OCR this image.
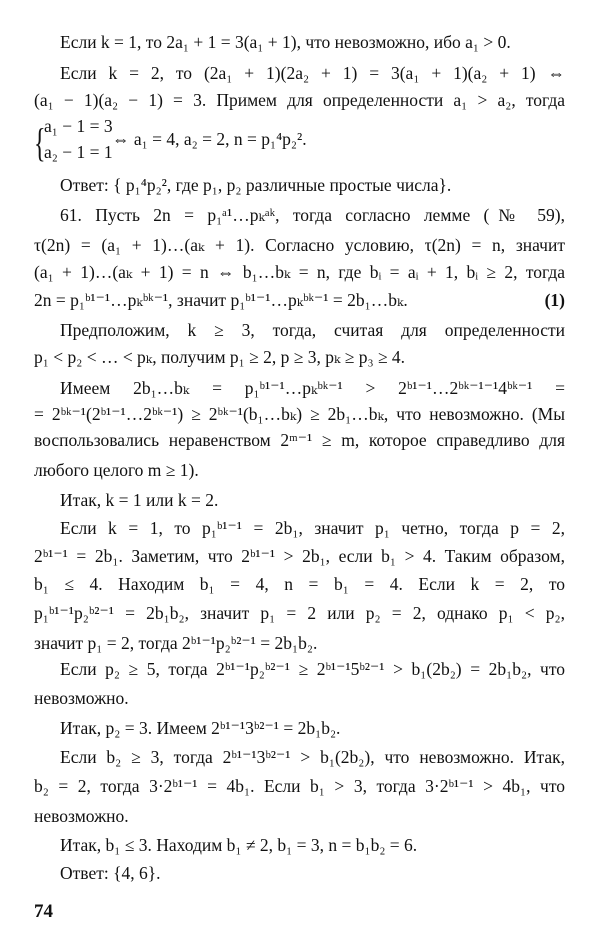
Если k = 1, то 2a₁ + 1 = 3(a₁ + 1), что невозможно, ибо a₁ > 0.
Если k = 2, то (2a₁ + 1)(2a₂ + 1) = 3(a₁ + 1)(a₂ + 1) ⇔
(a₁ − 1)(a₂ − 1) = 3. Примем для определенности a₁ > a₂, тогда
{
a₁ − 1 = 3
a₂ − 1 = 1
⇔ a₁ = 4, a₂ = 2, n = p₁⁴p₂².
Ответ: { p₁⁴p₂², где p₁, p₂ различные простые числа}.
61. Пусть 2n = p₁ᵃ¹…pₖᵃᵏ, тогда согласно лемме (№ 59),
τ(2n) = (a₁ + 1)…(aₖ + 1). Согласно условию, τ(2n) = n, значит
(a₁ + 1)…(aₖ + 1) = n ⇔ b₁…bₖ = n, где bᵢ = aᵢ + 1, bᵢ ≥ 2, тогда
2n = p₁ᵇ¹⁻¹…pₖᵇᵏ⁻¹, значит p₁ᵇ¹⁻¹…pₖᵇᵏ⁻¹ = 2b₁…bₖ.	(1)
Предположим, k ≥ 3, тогда, считая для определенности
p₁ < p₂ < … < pₖ, получим p₁ ≥ 2, p ≥ 3, pₖ ≥ p₃ ≥ 4.
Имеем 2b₁…bₖ = p₁ᵇ¹⁻¹…pₖᵇᵏ⁻¹ > 2ᵇ¹⁻¹…2ᵇᵏ⁻¹⁻¹4ᵇᵏ⁻¹ =
= 2ᵇᵏ⁻¹(2ᵇ¹⁻¹…2ᵇᵏ⁻¹) ≥ 2ᵇᵏ⁻¹(b₁…bₖ) ≥ 2b₁…bₖ, что невозможно. (Мы
воспользовались неравенством 2ᵐ⁻¹ ≥ m, которое справедливо для
любого целого m ≥ 1).
Итак, k = 1 или k = 2.
Если k = 1, то p₁ᵇ¹⁻¹ = 2b₁, значит p₁ четно, тогда p = 2,
2ᵇ¹⁻¹ = 2b₁. Заметим, что 2ᵇ¹⁻¹ > 2b₁, если b₁ > 4. Таким образом,
b₁ ≤ 4. Находим b₁ = 4, n = b₁ = 4. Если k = 2, то
p₁ᵇ¹⁻¹p₂ᵇ²⁻¹ = 2b₁b₂, значит p₁ = 2 или p₂ = 2, однако p₁ < p₂,
значит p₁ = 2, тогда 2ᵇ¹⁻¹p₂ᵇ²⁻¹ = 2b₁b₂.
Если p₂ ≥ 5, тогда 2ᵇ¹⁻¹p₂ᵇ²⁻¹ ≥ 2ᵇ¹⁻¹5ᵇ²⁻¹ > b₁(2b₂) = 2b₁b₂, что
невозможно.
Итак, p₂ = 3. Имеем 2ᵇ¹⁻¹3ᵇ²⁻¹ = 2b₁b₂.
Если b₂ ≥ 3, тогда 2ᵇ¹⁻¹3ᵇ²⁻¹ > b₁(2b₂), что невозможно. Итак,
b₂ = 2, тогда 3·2ᵇ¹⁻¹ = 4b₁. Если b₁ > 3, тогда 3·2ᵇ¹⁻¹ > 4b₁, что
невозможно.
Итак, b₁ ≤ 3. Находим b₁ ≠ 2, b₁ = 3, n = b₁b₂ = 6.
Ответ: {4, 6}.
74
